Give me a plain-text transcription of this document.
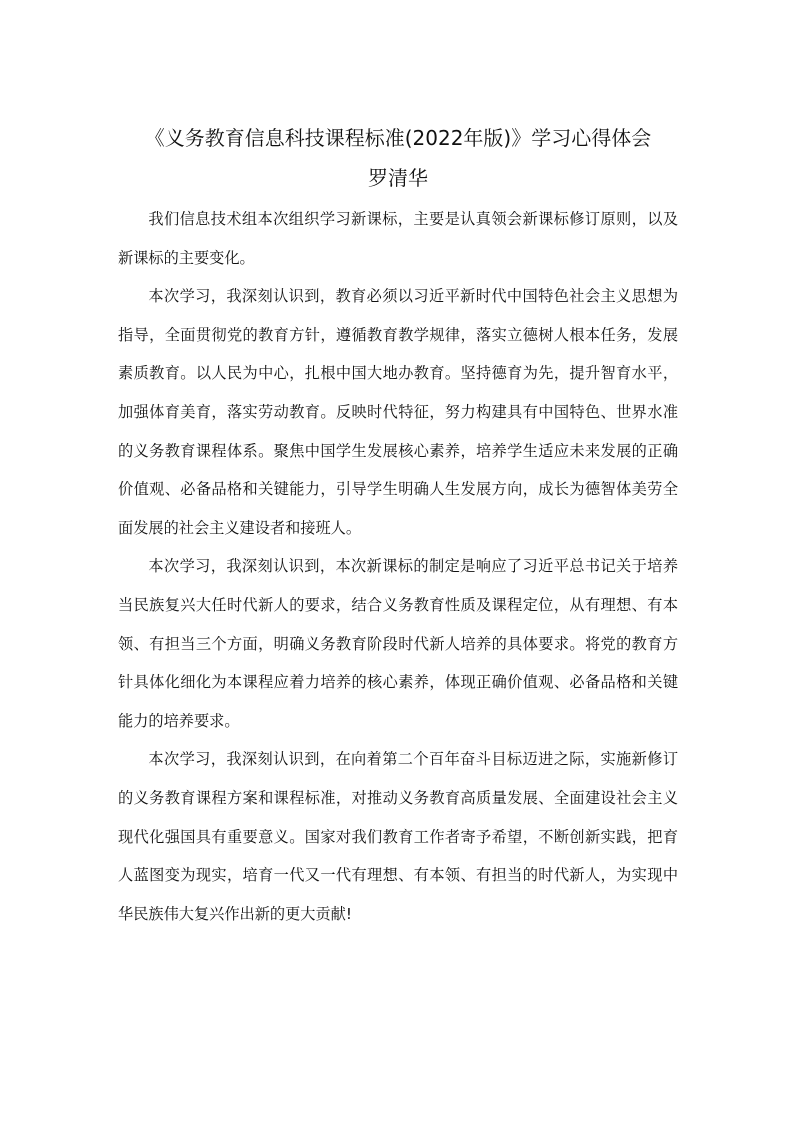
《义务教育信息科技课程标准(2022年版)》学习心得体会
罗清华

我们信息技术组本次组织学习新课标，主要是认真领会新课标修订原则，以及新课标的主要变化。

本次学习，我深刻认识到，教育必须以习近平新时代中国特色社会主义思想为指导，全面贯彻党的教育方针，遵循教育教学规律，落实立德树人根本任务，发展素质教育。以人民为中心，扎根中国大地办教育。坚持德育为先，提升智育水平，加强体育美育，落实劳动教育。反映时代特征，努力构建具有中国特色、世界水准的义务教育课程体系。聚焦中国学生发展核心素养，培养学生适应未来发展的正确价值观、必备品格和关键能力，引导学生明确人生发展方向，成长为德智体美劳全面发展的社会主义建设者和接班人。

本次学习，我深刻认识到，本次新课标的制定是响应了习近平总书记关于培养当民族复兴大任时代新人的要求，结合义务教育性质及课程定位，从有理想、有本领、有担当三个方面，明确义务教育阶段时代新人培养的具体要求。将党的教育方针具体化细化为本课程应着力培养的核心素养，体现正确价值观、必备品格和关键能力的培养要求。

本次学习，我深刻认识到，在向着第二个百年奋斗目标迈进之际，实施新修订的义务教育课程方案和课程标准，对推动义务教育高质量发展、全面建设社会主义现代化强国具有重要意义。国家对我们教育工作者寄予希望，不断创新实践，把育人蓝图变为现实，培育一代又一代有理想、有本领、有担当的时代新人，为实现中华民族伟大复兴作出新的更大贡献!
